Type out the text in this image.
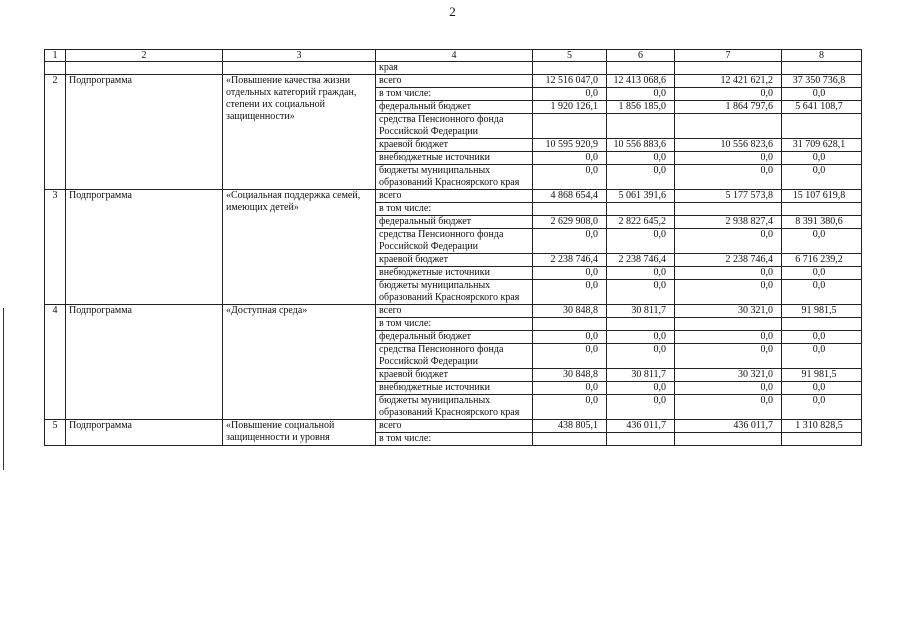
2
1	2	3	4	5	6	7	8
			края				
2	Подпрограмма	«Повышение качества жизни отдельных категорий граждан, степени их социальной защищенности»	всего	12 516 047,0	12 413 068,6	12 421 621,2	37 350 736,8
			в том числе:	0,0	0,0	0,0	0,0
			федеральный бюджет	1 920 126,1	1 856 185,0	1 864 797,6	5 641 108,7
			средства Пенсионного фонда Российской Федерации				
			краевой бюджет	10 595 920,9	10 556 883,6	10 556 823,6	31 709 628,1
			внебюджетные источники	0,0	0,0	0,0	0,0
			бюджеты муниципальных образований Красноярского края	0,0	0,0	0,0	0,0
3	Подпрограмма	«Социальная поддержка семей, имеющих детей»	всего	4 868 654,4	5 061 391,6	5 177 573,8	15 107 619,8
			в том числе:				
			федеральный бюджет	2 629 908,0	2 822 645,2	2 938 827,4	8 391 380,6
			средства Пенсионного фонда Российской Федерации	0,0	0,0	0,0	0,0
			краевой бюджет	2 238 746,4	2 238 746,4	2 238 746,4	6 716 239,2
			внебюджетные источники	0,0	0,0	0,0	0,0
			бюджеты муниципальных образований Красноярского края	0,0	0,0	0,0	0,0
4	Подпрограмма	«Доступная среда»	всего	30 848,8	30 811,7	30 321,0	91 981,5
			в том числе:				
			федеральный бюджет	0,0	0,0	0,0	0,0
			средства Пенсионного фонда Российской Федерации	0,0	0,0	0,0	0,0
			краевой бюджет	30 848,8	30 811,7	30 321,0	91 981,5
			внебюджетные источники	0,0	0,0	0,0	0,0
			бюджеты муниципальных образований Красноярского края	0,0	0,0	0,0	0,0
5	Подпрограмма	«Повышение социальной защищенности и уровня	всего	438 805,1	436 011,7	436 011,7	1 310 828,5
			в том числе:				
